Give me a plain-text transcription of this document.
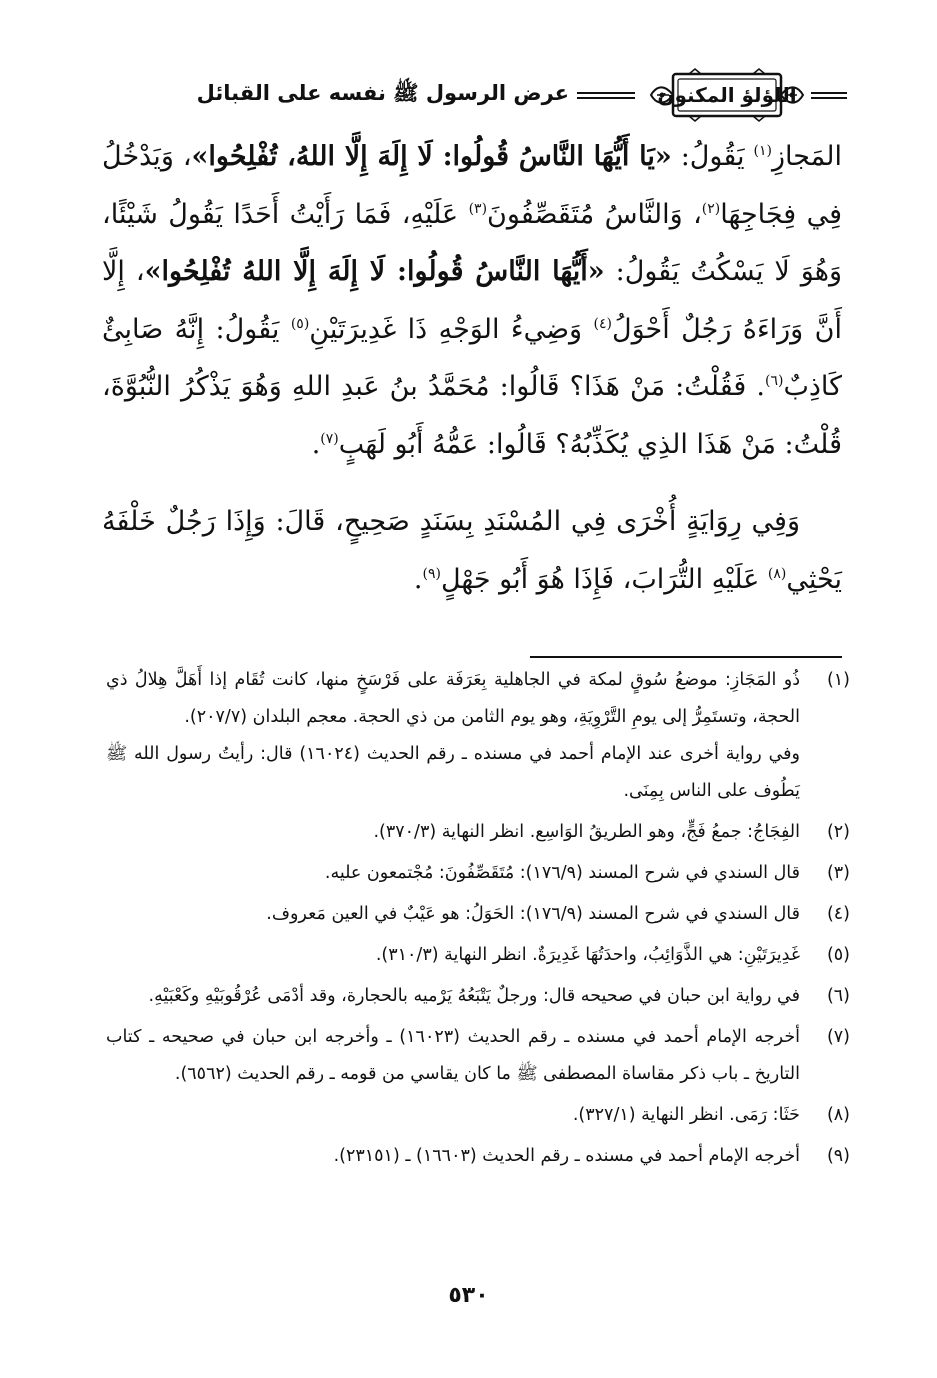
اللؤلؤ المكنون
عرض الرسول ﷺ نفسه على القبائل

المَجازِ$^{(١)}$ يَقُولُ: «يَا أَيُّهَا النَّاسُ قُولُوا: لَا إِلَهَ إِلَّا اللهُ، تُفْلِحُوا»، وَيَدْخُلُ فِي فِجَاجِهَا$^{(٢)}$، وَالنَّاسُ مُتَقَصِّفُونَ$^{(٣)}$ عَلَيْهِ، فَمَا رَأَيْتُ أَحَدًا يَقُولُ شَيْئًا، وَهُوَ لَا يَسْكُتُ يَقُولُ: «أَيُّهَا النَّاسُ قُولُوا: لَا إِلَهَ إِلَّا اللهُ تُفْلِحُوا»، إِلَّا أَنَّ وَرَاءَهُ رَجُلٌ أَحْوَلُ$^{(٤)}$ وَضِيءُ الوَجْهِ ذَا غَدِيرَتَيْنِ$^{(٥)}$ يَقُولُ: إِنَّهُ صَابِئٌ كَاذِبٌ$^{(٦)}$. فَقُلْتُ: مَنْ هَذَا؟ قَالُوا: مُحَمَّدُ بنُ عَبدِ اللهِ وَهُوَ يَذْكُرُ النُّبُوَّةَ، قُلْتُ: مَنْ هَذَا الذِي يُكَذِّبُهُ؟ قَالُوا: عَمُّهُ أَبُو لَهَبٍ$^{(٧)}$.

وَفِي رِوَايَةٍ أُخْرَى فِي المُسْنَدِ بِسَنَدٍ صَحِيحٍ، قَالَ: وَإِذَا رَجُلٌ خَلْفَهُ يَحْثِي$^{(٨)}$ عَلَيْهِ التُّرَابَ، فَإِذَا هُوَ أَبُو جَهْلٍ$^{(٩)}$.

(١)
ذُو المَجَازِ: موضعُ سُوقٍ لمكة في الجاهلية بِعَرَفَة على فَرْسَخٍ منها، كانت تُقَام إذا أَهَلَّ هِلالُ ذي الحجة، وتستَمِرُّ إلى يومِ التَّرْوِيَةِ، وهو يوم الثامن من ذي الحجة. معجم البلدان (٢٠٧/٧).
وفي رواية أخرى عند الإمام أحمد في مسنده ـ رقم الحديث (١٦٠٢٤) قال: رأيتُ رسول الله ﷺ يَطُوف على الناس بِمِنَى.
(٢)
الفِجَاجُ: جمعُ فَجٍّ، وهو الطريقُ الوَاسِع. انظر النهاية (٣٧٠/٣).
(٣)
قال السندي في شرح المسند (١٧٦/٩): مُتَقَصِّفُونَ: مُجْتمعون عليه.
(٤)
قال السندي في شرح المسند (١٧٦/٩): الحَوَلُ: هو عَيْبٌ في العين مَعروف.
(٥)
غَدِيرَتَيْنِ: هي الذَّوَائِبُ، واحدَتُهَا غَدِيرَةٌ. انظر النهاية (٣١٠/٣).
(٦)
في رواية ابن حبان في صحيحه قال: ورجلٌ يَتْبَعُهُ يَرْميه بالحجارة، وقد أدْمَى عُرْقُوبَيْهِ وكَعْبَيْهِ.
(٧)
أخرجه الإمام أحمد في مسنده ـ رقم الحديث (١٦٠٢٣) ـ وأخرجه ابن حبان في صحيحه ـ كتاب التاريخ ـ باب ذكر مقاساة المصطفى ﷺ ما كان يقاسي من قومه ـ رقم الحديث (٦٥٦٢).
(٨)
حَثَا: رَمَى. انظر النهاية (٣٢٧/١).
(٩)
أخرجه الإمام أحمد في مسنده ـ رقم الحديث (١٦٦٠٣) ـ (٢٣١٥١).
٥٣٠
